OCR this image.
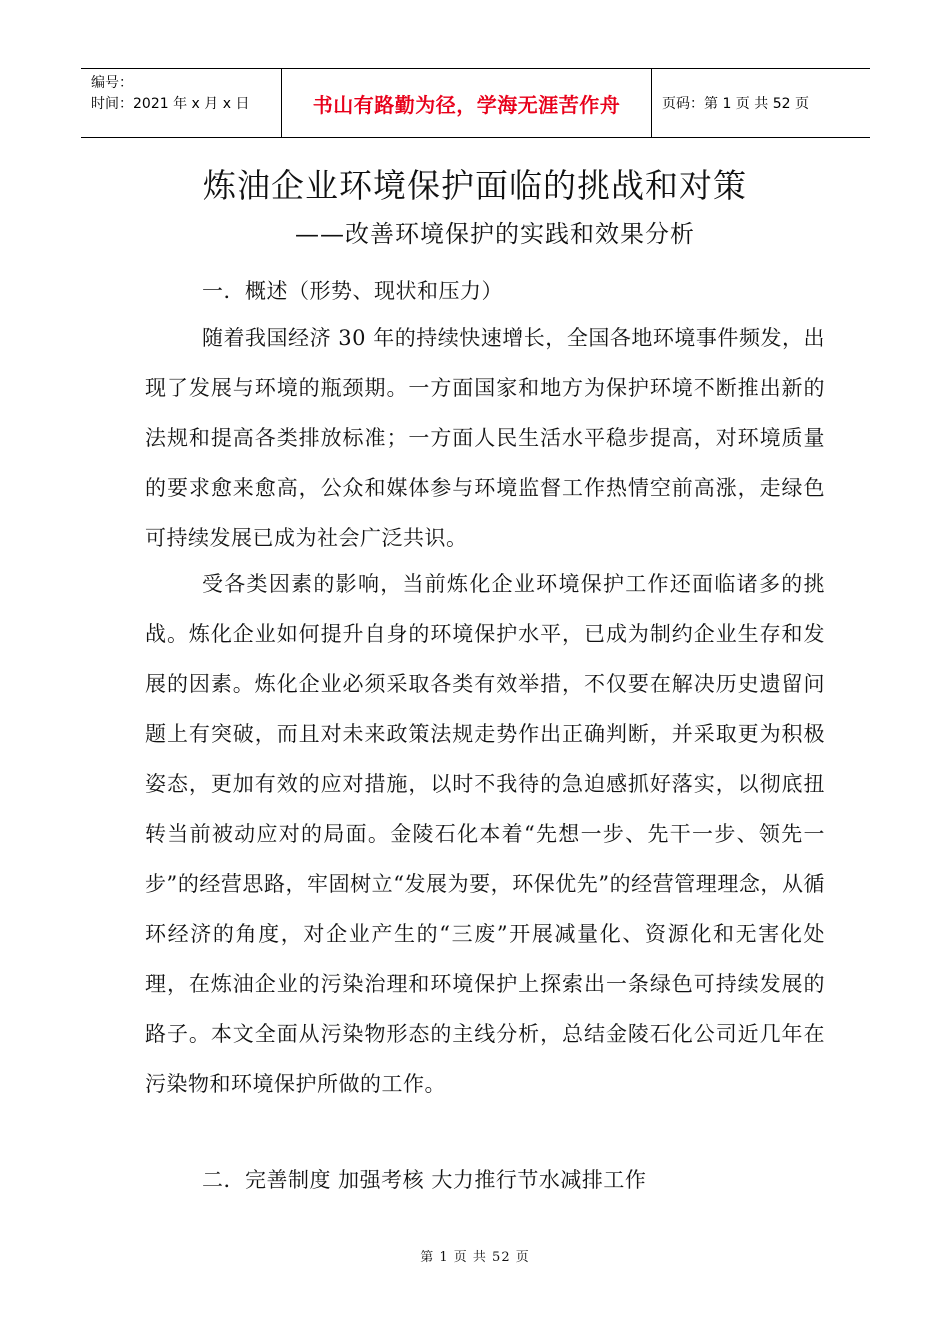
编号：
时间：2021 年 x 月 x 日	书山有路勤为径，学海无涯苦作舟	页码：第 1 页 共 52 页
炼油企业环境保护面临的挑战和对策
——改善环境保护的实践和效果分析
一．概述（形势、现状和压力）
随着我国经济 30 年的持续快速增长，全国各地环境事件频发，出现了发展与环境的瓶颈期。一方面国家和地方为保护环境不断推出新的法规和提高各类排放标准；一方面人民生活水平稳步提高，对环境质量的要求愈来愈高，公众和媒体参与环境监督工作热情空前高涨，走绿色可持续发展已成为社会广泛共识。
受各类因素的影响，当前炼化企业环境保护工作还面临诸多的挑战。炼化企业如何提升自身的环境保护水平，已成为制约企业生存和发展的因素。炼化企业必须采取各类有效举措，不仅要在解决历史遗留问题上有突破，而且对未来政策法规走势作出正确判断，并采取更为积极姿态，更加有效的应对措施，以时不我待的急迫感抓好落实，以彻底扭转当前被动应对的局面。金陵石化本着“先想一步、先干一步、领先一步”的经营思路，牢固树立“发展为要，环保优先”的经营管理理念，从循环经济的角度，对企业产生的“三废”开展减量化、资源化和无害化处理，在炼油企业的污染治理和环境保护上探索出一条绿色可持续发展的路子。本文全面从污染物形态的主线分析，总结金陵石化公司近几年在污染物和环境保护所做的工作。
二．完善制度 加强考核 大力推行节水减排工作
第 1 页 共 52 页
